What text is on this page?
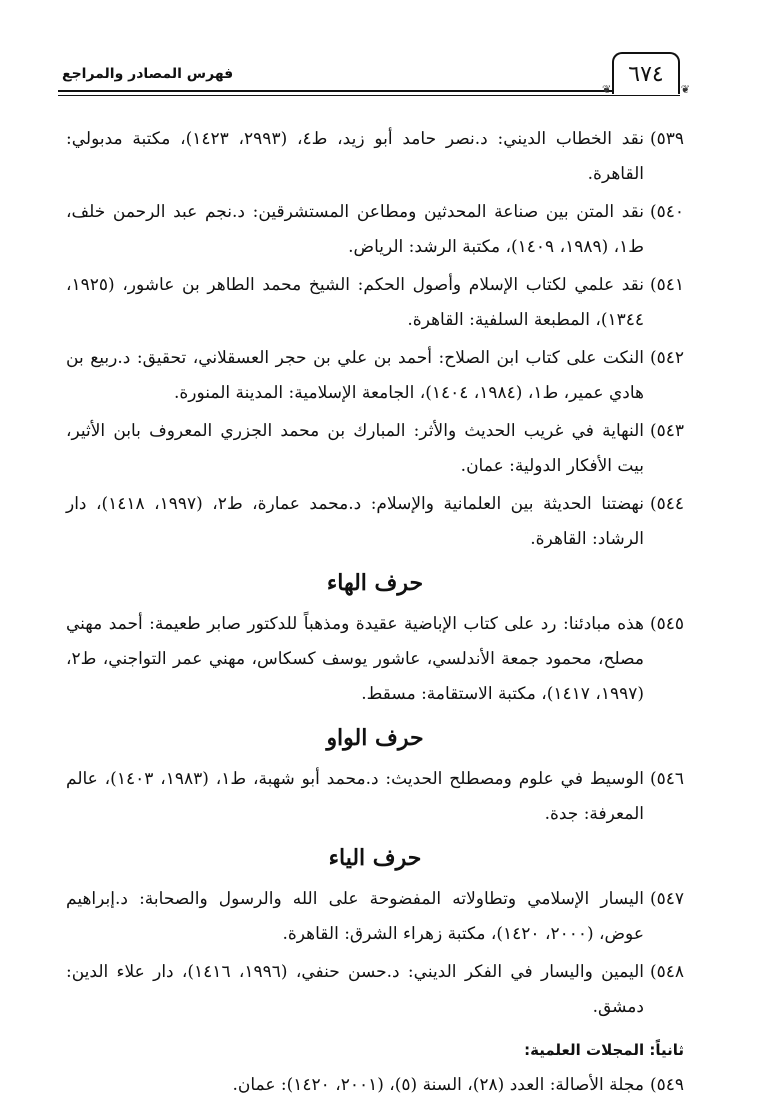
فهرس المصادر والمراجع	٦٧٤
❦	❦
٥٣٩)
نقد الخطاب الديني: د.نصر حامد أبو زيد، ط٤، (٢٩٩٣، ١٤٢٣)، مكتبة مدبولي: القاهرة.
٥٤٠)
نقد المتن بين صناعة المحدثين ومطاعن المستشرقين: د.نجم عبد الرحمن خلف، ط١، (١٩٨٩، ١٤٠٩)، مكتبة الرشد: الرياض.
٥٤١)
نقد علمي لكتاب الإسلام وأصول الحكم: الشيخ محمد الطاهر بن عاشور، (١٩٢٥، ١٣٤٤)، المطبعة السلفية: القاهرة.
٥٤٢)
النكت على كتاب ابن الصلاح: أحمد بن علي بن حجر العسقلاني، تحقيق: د.ربيع بن هادي عمير، ط١، (١٩٨٤، ١٤٠٤)، الجامعة الإسلامية: المدينة المنورة.
٥٤٣)
النهاية في غريب الحديث والأثر: المبارك بن محمد الجزري المعروف بابن الأثير، بيت الأفكار الدولية: عمان.
٥٤٤)
نهضتنا الحديثة بين العلمانية والإسلام: د.محمد عمارة، ط٢، (١٩٩٧، ١٤١٨)، دار الرشاد: القاهرة.
حرف الهاء
٥٤٥)
هذه مبادئنا: رد على كتاب الإباضية عقيدة ومذهباً للدكتور صابر طعيمة: أحمد مهني مصلح، محمود جمعة الأندلسي، عاشور يوسف كسكاس، مهني عمر التواجني، ط٢، (١٩٩٧، ١٤١٧)، مكتبة الاستقامة: مسقط.
حرف الواو
٥٤٦)
الوسيط في علوم ومصطلح الحديث: د.محمد أبو شهبة، ط١، (١٩٨٣، ١٤٠٣)، عالم المعرفة: جدة.
حرف الياء
٥٤٧)
اليسار الإسلامي وتطاولاته المفضوحة على الله والرسول والصحابة: د.إبراهيم عوض، (٢٠٠٠، ١٤٢٠)، مكتبة زهراء الشرق: القاهرة.
٥٤٨)
اليمين واليسار في الفكر الديني: د.حسن حنفي، (١٩٩٦، ١٤١٦)، دار علاء الدين: دمشق.
ثانياً: المجلات العلمية:
٥٤٩)
مجلة الأصالة: العدد (٢٨)، السنة (٥)، (٢٠٠١، ١٤٢٠): عمان.
